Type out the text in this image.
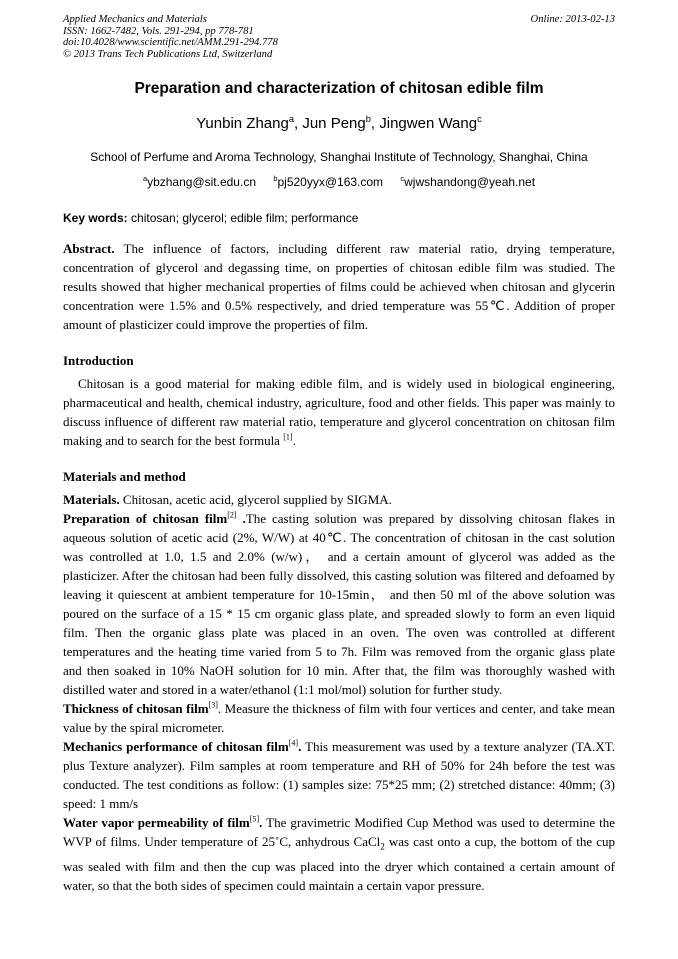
Applied Mechanics and Materials
ISSN: 1662-7482, Vols. 291-294, pp 778-781
doi:10.4028/www.scientific.net/AMM.291-294.778
© 2013 Trans Tech Publications Ltd, Switzerland
Online: 2013-02-13
Preparation and characterization of chitosan edible film
Yunbin Zhang$^a$, Jun Peng$^b$, Jingwen Wang$^c$
School of Perfume and Aroma Technology, Shanghai Institute of Technology, Shanghai, China
$^a$ybzhang@sit.edu.cn $^b$pj520yyx@163.com $^c$wjwshandong@yeah.net
Key words: chitosan; glycerol; edible film; performance

Abstract. The influence of factors, including different raw material ratio, drying temperature, concentration of glycerol and degassing time, on properties of chitosan edible film was studied. The results showed that higher mechanical properties of films could be achieved when chitosan and glycerin concentration were 1.5% and 0.5% respectively, and dried temperature was 55℃. Addition of proper amount of plasticizer could improve the properties of film.

Introduction

Chitosan is a good material for making edible film, and is widely used in biological engineering, pharmaceutical and health, chemical industry, agriculture, food and other fields. This paper was mainly to discuss influence of different raw material ratio, temperature and glycerol concentration on chitosan film making and to search for the best formula [1].

Materials and method

Materials. Chitosan, acetic acid, glycerol supplied by SIGMA.

Preparation of chitosan film[2] .The casting solution was prepared by dissolving chitosan flakes in aqueous solution of acetic acid (2%, W/W) at 40℃. The concentration of chitosan in the cast solution was controlled at 1.0, 1.5 and 2.0% (w/w)， and a certain amount of glycerol was added as the plasticizer. After the chitosan had been fully dissolved, this casting solution was filtered and defoamed by leaving it quiescent at ambient temperature for 10-15min， and then 50 ml of the above solution was poured on the surface of a 15 * 15 cm organic glass plate, and spreaded slowly to form an even liquid film. Then the organic glass plate was placed in an oven. The oven was controlled at different temperatures and the heating time varied from 5 to 7h. Film was removed from the organic glass plate and then soaked in 10% NaOH solution for 10 min. After that, the film was thoroughly washed with distilled water and stored in a water/ethanol (1:1 mol/mol) solution for further study.

Thickness of chitosan film[3]. Measure the thickness of film with four vertices and center, and take mean value by the spiral micrometer.

Mechanics performance of chitosan film[4]. This measurement was used by a texture analyzer (TA.XT. plus Texture analyzer). Film samples at room temperature and RH of 50% for 24h before the test was conducted. The test conditions as follow: (1) samples size: 75*25 mm; (2) stretched distance: 40mm; (3) speed: 1 mm/s

Water vapor permeability of film[5]. The gravimetric Modified Cup Method was used to determine the WVP of films. Under temperature of 25˚C, anhydrous CaCl$_2$ was cast onto a cup, the bottom of the cup was sealed with film and then the cup was placed into the dryer which contained a certain amount of water, so that the both sides of specimen could maintain a certain vapor pressure.
